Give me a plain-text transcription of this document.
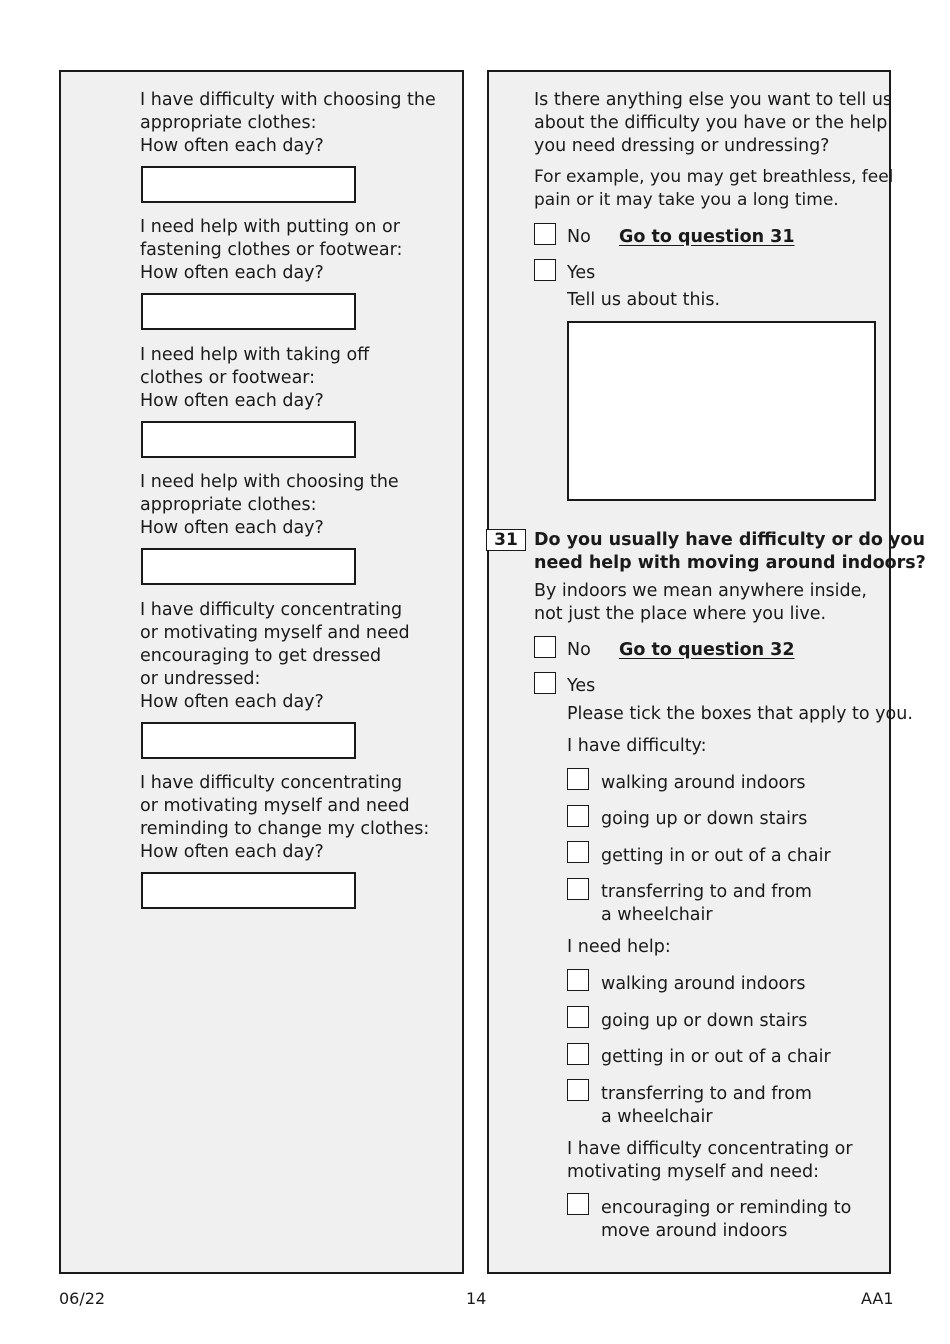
I have difficulty with choosing the
appropriate clothes:
How often each day?
I need help with putting on or
fastening clothes or footwear:
How often each day?
I need help with taking off
clothes or footwear:
How often each day?
I need help with choosing the
appropriate clothes:
How often each day?
I have difficulty concentrating
or motivating myself and need
encouraging to get dressed
or undressed:
How often each day?
I have difficulty concentrating
or motivating myself and need
reminding to change my clothes:
How often each day?
Is there anything else you want to tell us
about the difficulty you have or the help
you need dressing or undressing?
For example, you may get breathless, feel
pain or it may take you a long time.
No Go to question 31
Yes
Tell us about this.
31 Do you usually have difficulty or do you
need help with moving around indoors?
By indoors we mean anywhere inside,
not just the place where you live.
No Go to question 32
Yes
Please tick the boxes that apply to you.
I have difficulty:
walking around indoors
going up or down stairs
getting in or out of a chair
transferring to and from
a wheelchair
I need help:
walking around indoors
going up or down stairs
getting in or out of a chair
transferring to and from
a wheelchair
I have difficulty concentrating or
motivating myself and need:
encouraging or reminding to
move around indoors
06/22	14	AA1
